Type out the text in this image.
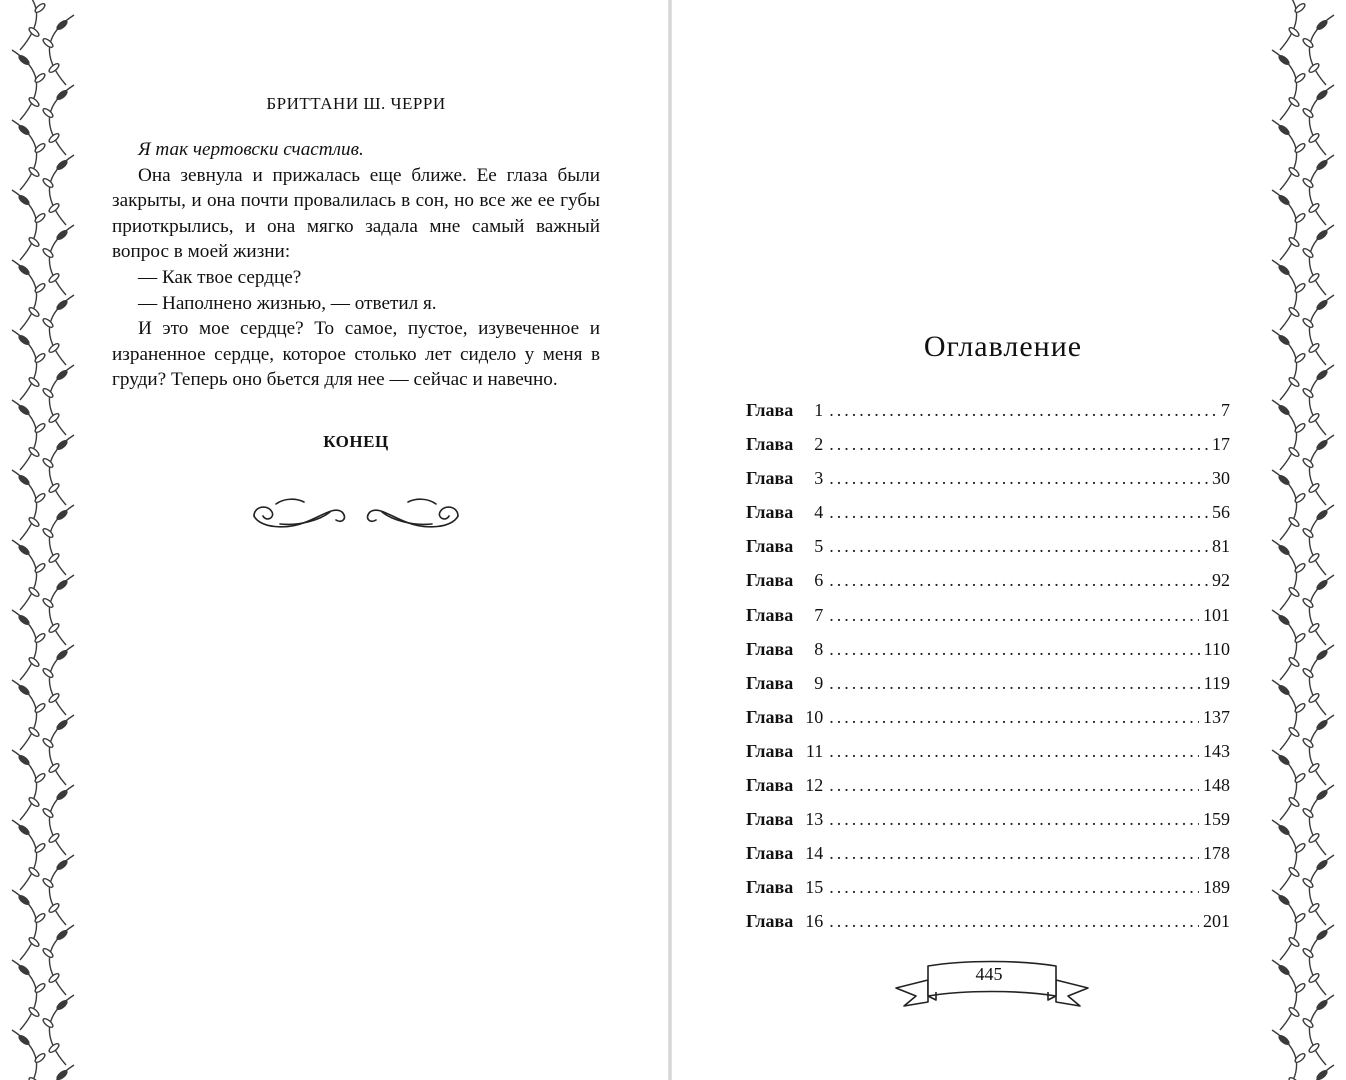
БРИТТАНИ Ш. ЧЕРРИ

Я так чертовски счастлив.

Она зевнула и прижалась еще ближе. Ее глаза были закрыты, и она почти провалилась в сон, но все же ее губы приоткрылись, и она мягко задала мне самый важный вопрос в моей жизни:

— Как твое сердце?

— Наполнено жизнью, — ответил я.

И это мое сердце? То самое, пустое, изувеченное и израненное сердце, которое столько лет сидело у меня в груди? Теперь оно бьется для нее — сейчас и навечно.

КОНЕЦ
Оглавление
Глава 1 .....	7
Глава 2 .....	17
Глава 3 .....	30
Глава 4 .....	56
Глава 5 .....	81
Глава 6 .....	92
Глава 7 .....	101
Глава 8 .....	110
Глава 9 .....	119
Глава 10 .....	137
Глава 11 .....	143
Глава 12 .....	148
Глава 13 .....	159
Глава 14 .....	178
Глава 15 .....	189
Глава 16 .....	201
445
